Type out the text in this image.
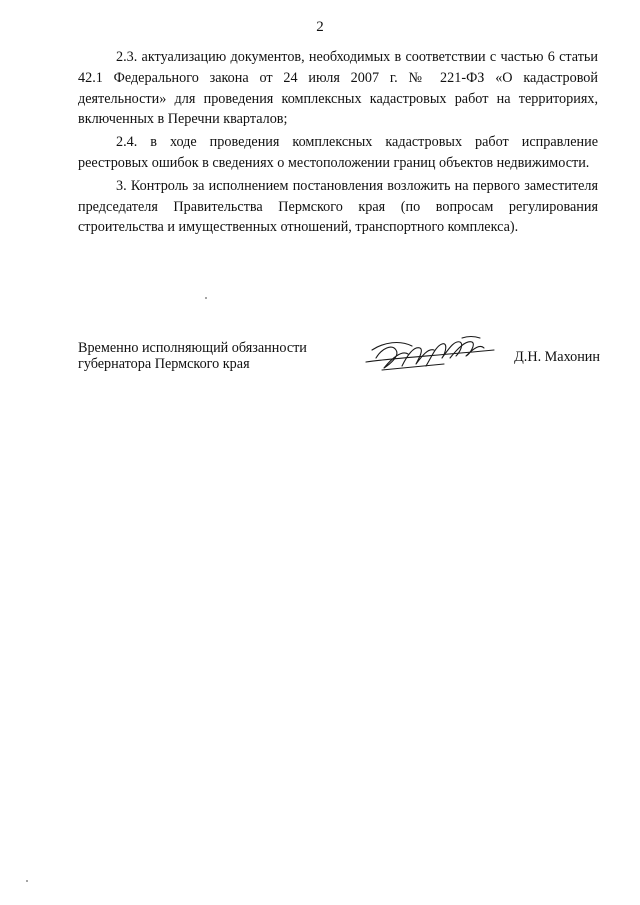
2

2.3. актуализацию документов, необходимых в соответствии с частью 6 статьи 42.1 Федерального закона от 24 июля 2007 г. № 221-ФЗ «О кадастровой деятельности» для проведения комплексных кадастровых работ на территориях, включенных в Перечни кварталов;

2.4. в ходе проведения комплексных кадастровых работ исправление реестровых ошибок в сведениях о местоположении границ объектов недвижимости.

3. Контроль за исполнением постановления возложить на первого заместителя председателя Правительства Пермского края (по вопросам регулирования строительства и имущественных отношений, транспортного комплекса).

Временно исполняющий обязанности
губернатора Пермского края	Д.Н. Махонин
